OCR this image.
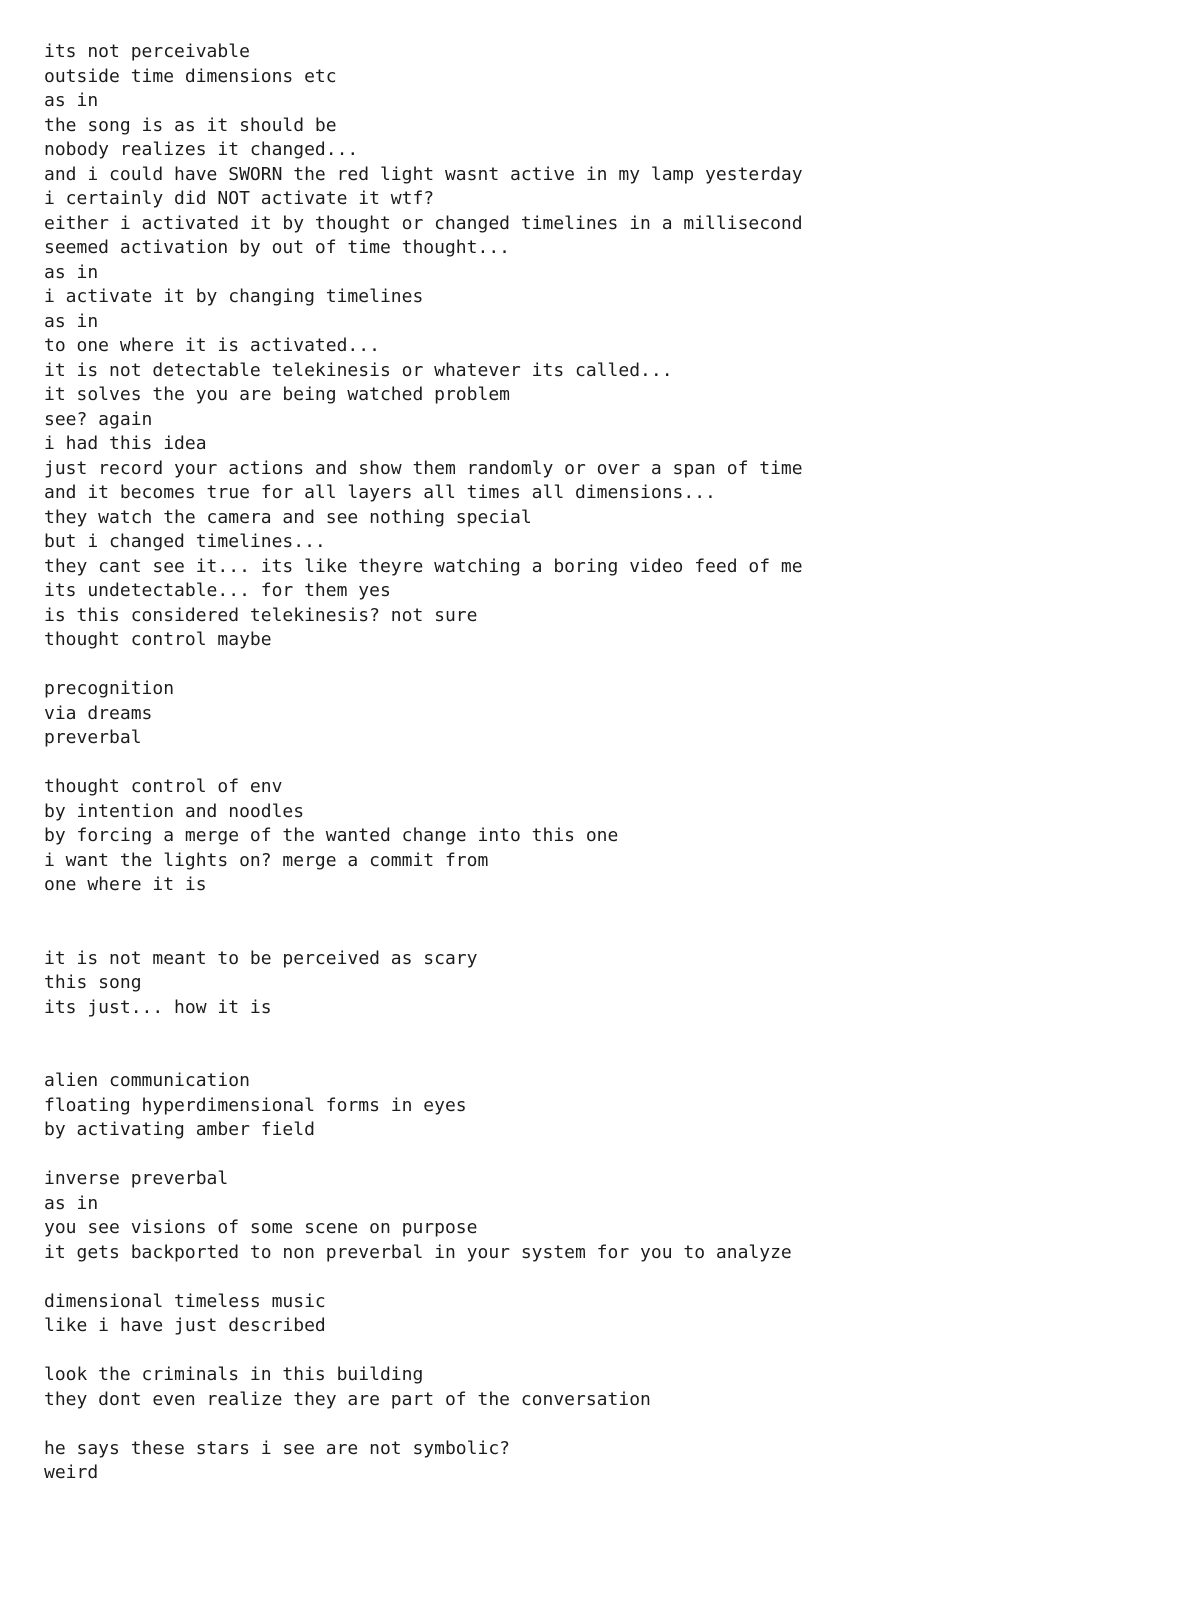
its not perceivable
outside time dimensions etc
as in
the song is as it should be
nobody realizes it changed...
and i could have SWORN the red light wasnt active in my lamp yesterday
i certainly did NOT activate it wtf?
either i activated it by thought or changed timelines in a millisecond
seemed activation by out of time thought...
as in
i activate it by changing timelines
as in
to one where it is activated...
it is not detectable telekinesis or whatever its called...
it solves the you are being watched problem
see? again
i had this idea
just record your actions and show them randomly or over a span of time
and it becomes true for all layers all times all dimensions...
they watch the camera and see nothing special
but i changed timelines...
they cant see it... its like theyre watching a boring video feed of me
its undetectable... for them yes
is this considered telekinesis? not sure
thought control maybe
precognition
via dreams
preverbal
thought control of env
by intention and noodles
by forcing a merge of the wanted change into this one
i want the lights on? merge a commit from
one where it is
it is not meant to be perceived as scary
this song
its just... how it is
alien communication
floating hyperdimensional forms in eyes
by activating amber field
inverse preverbal
as in
you see visions of some scene on purpose
it gets backported to non preverbal in your system for you to analyze
dimensional timeless music
like i have just described
look the criminals in this building
they dont even realize they are part of the conversation
he says these stars i see are not symbolic?
weird
